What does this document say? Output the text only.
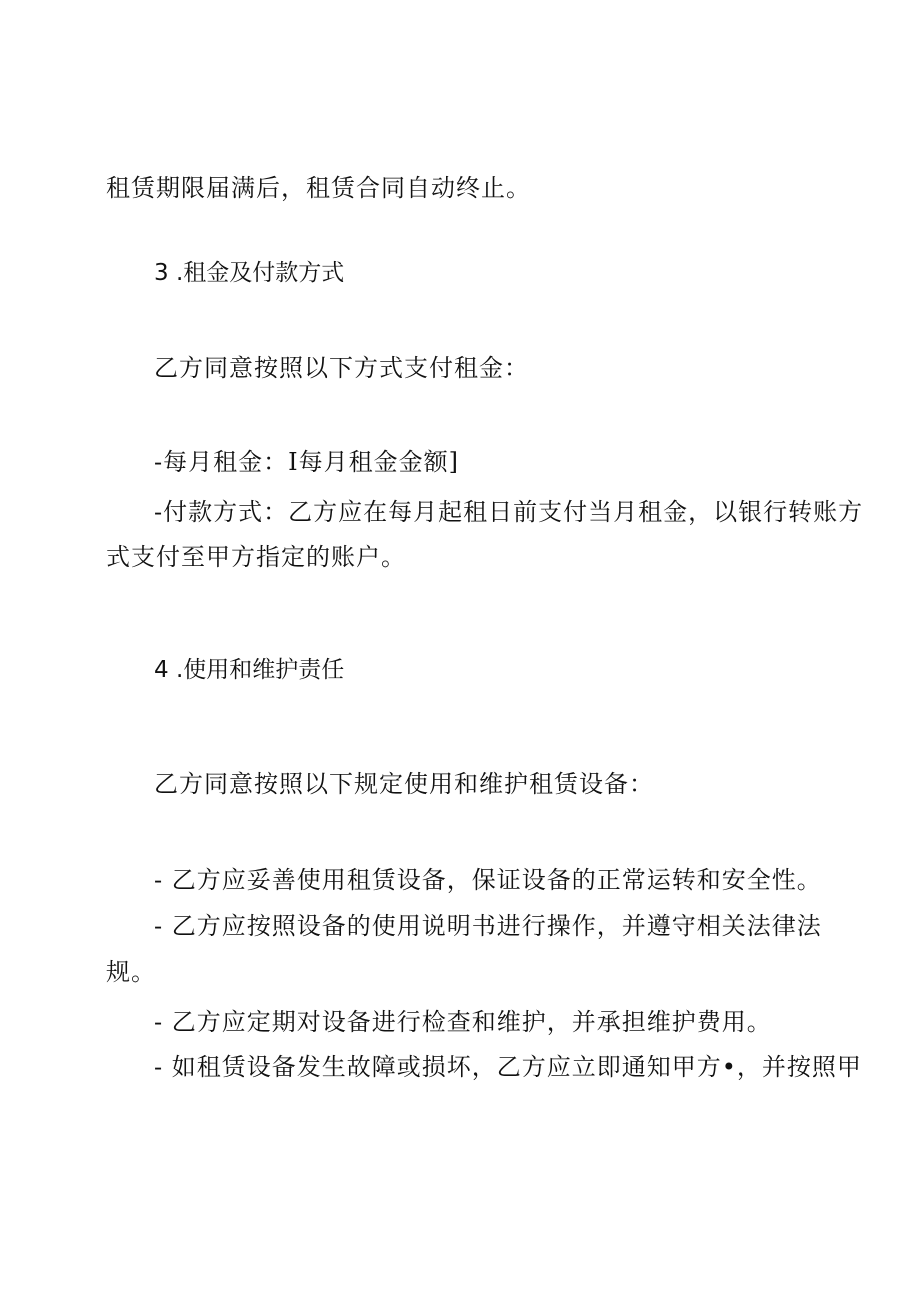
租赁期限届满后，租赁合同自动终止。
3 .租金及付款方式
乙方同意按照以下方式支付租金：
-每月租金：I每月租金金额]
-付款方式：乙方应在每月起租日前支付当月租金，以银行转账方
式支付至甲方指定的账户。
4 .使用和维护责任
乙方同意按照以下规定使用和维护租赁设备：
- 乙方应妥善使用租赁设备，保证设备的正常运转和安全性。
- 乙方应按照设备的使用说明书进行操作，并遵守相关法律法
规。
- 乙方应定期对设备进行检查和维护，并承担维护费用。
- 如租赁设备发生故障或损坏，乙方应立即通知甲方•，并按照甲
